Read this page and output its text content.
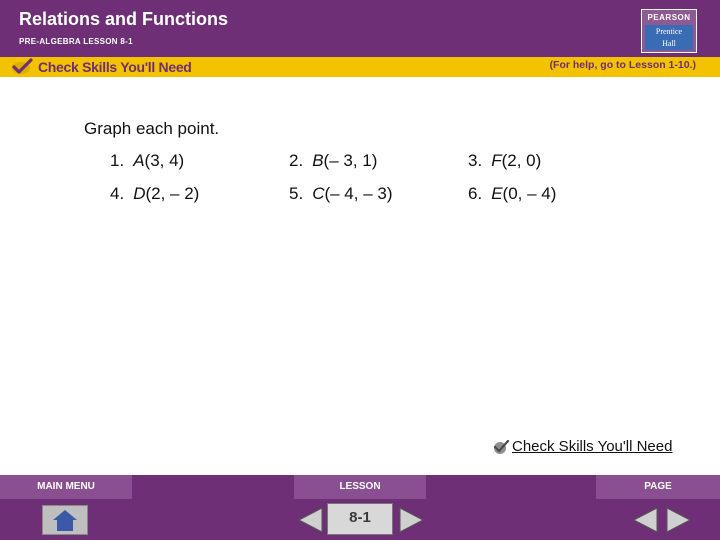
Relations and Functions
PRE-ALGEBRA LESSON 8-1
PEARSON
Prentice
Hall
Check Skills You'll Need	(For help, go to Lesson 1-10.)
Graph each point.
1. A(3, 4)	2. B(– 3, 1)	3. F(2, 0)
4. D(2, – 2)	5. C(– 4, – 3)	6. E(0, – 4)
Check Skills You'll Need
MAIN MENU	LESSON	PAGE
8-1
